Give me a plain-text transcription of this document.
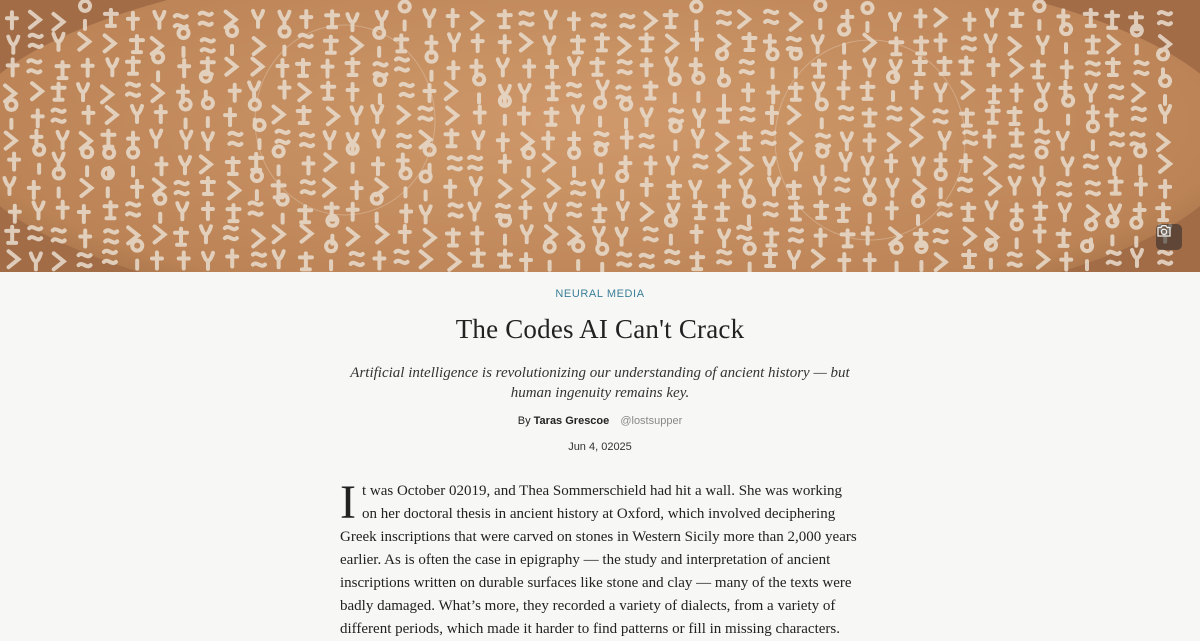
NEURAL MEDIA
The Codes AI Can't Crack
Artificial intelligence is revolutionizing our understanding of ancient history — but human ingenuity remains key.
By Taras Grescoe @lostsupper
Jun 4, 02025
It was October 02019, and Thea Sommerschield had hit a wall. She was working on her doctoral thesis in ancient history at Oxford, which involved deciphering Greek inscriptions that were carved on stones in Western Sicily more than 2,000 years earlier. As is often the case in epigraphy — the study and interpretation of ancient inscriptions written on durable surfaces like stone and clay — many of the texts were badly damaged. What’s more, they recorded a variety of dialects, from a variety of different periods, which made it harder to find patterns or fill in missing characters.
